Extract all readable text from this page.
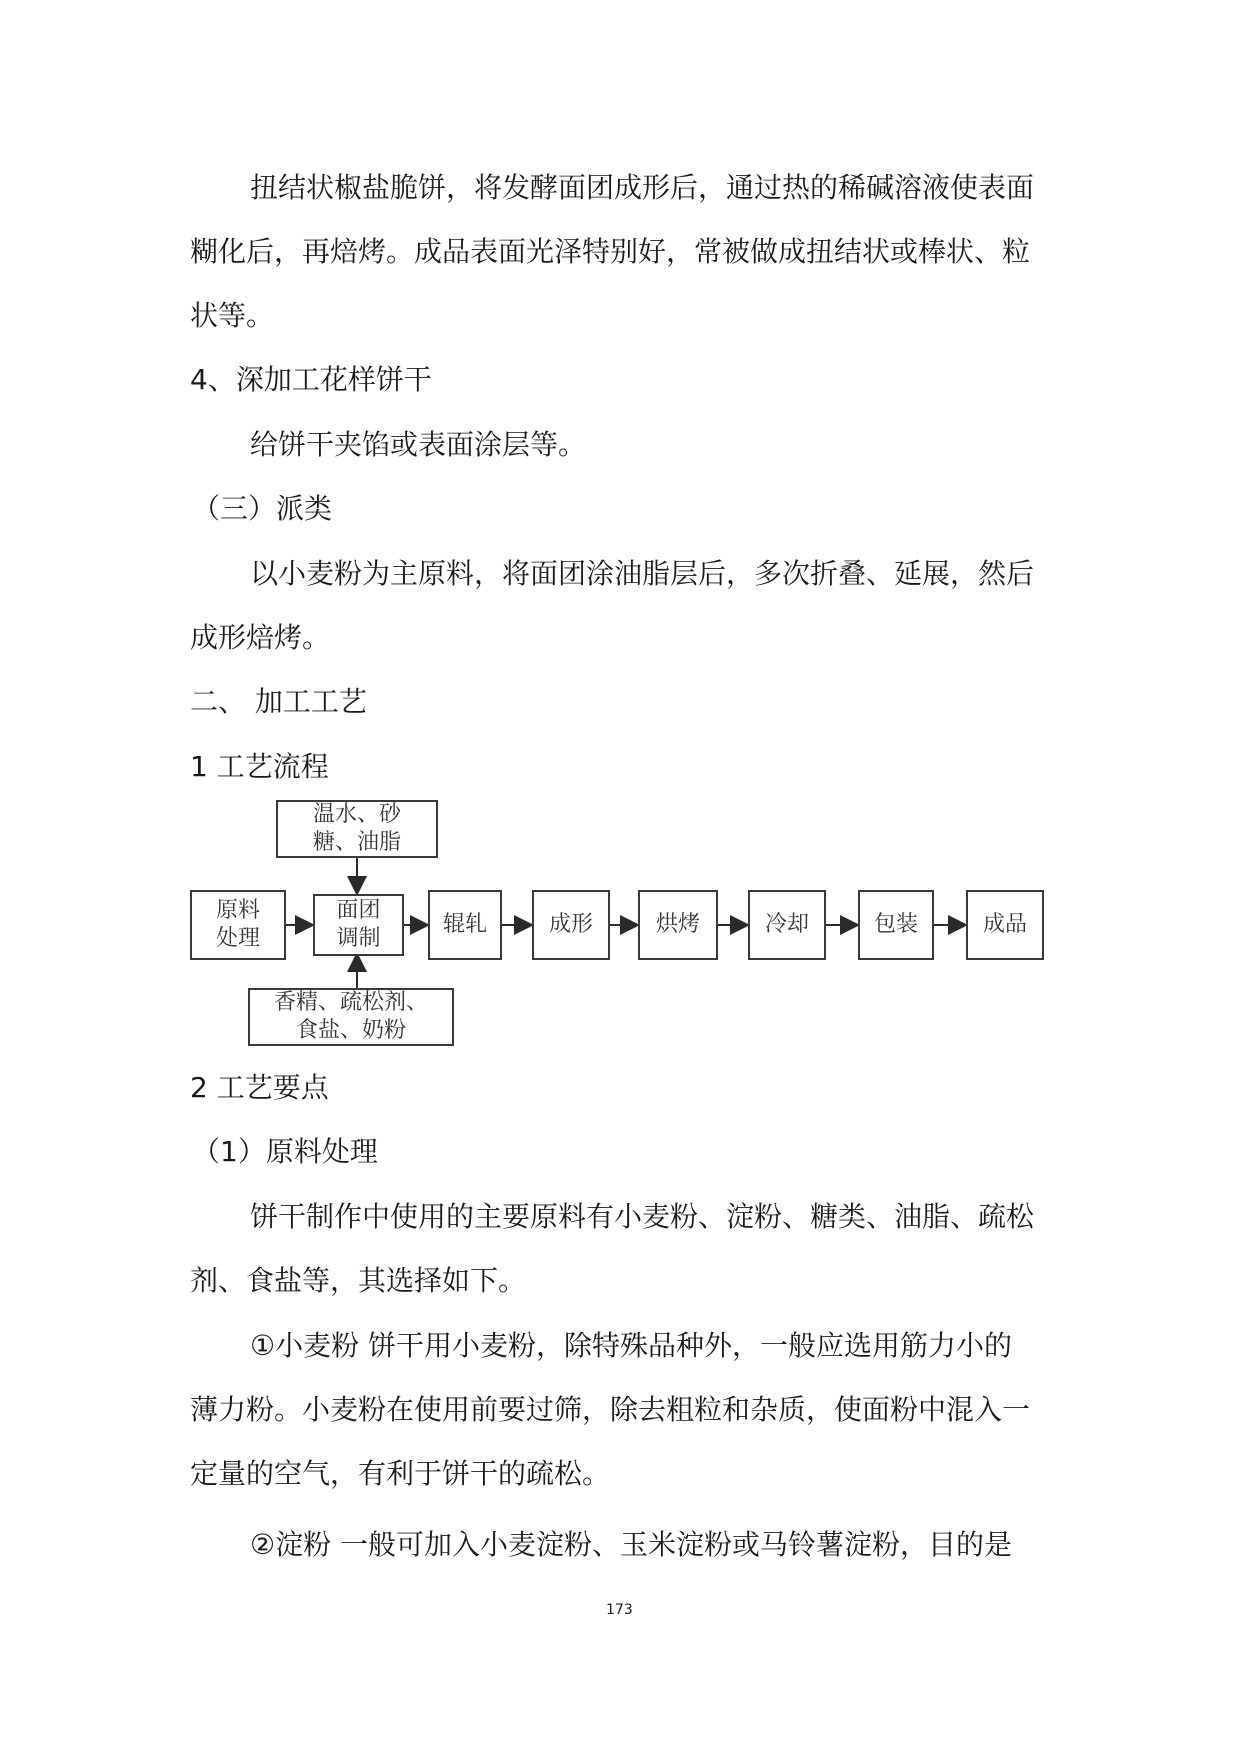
扭结状椒盐脆饼，将发酵面团成形后，通过热的稀碱溶液使表面
糊化后，再焙烤。成品表面光泽特别好，常被做成扭结状或棒状、粒
状等。
4、深加工花样饼干
给饼干夹馅或表面涂层等。
（三）派类
以小麦粉为主原料，将面团涂油脂层后，多次折叠、延展，然后
成形焙烤。
二、 加工工艺
1 工艺流程
温水、砂
糖、油脂
原料
处理
面团
调制
辊轧	成形	烘烤	冷却	包装	成品
香精、疏松剂、
食盐、奶粉
2 工艺要点
（1）原料处理
饼干制作中使用的主要原料有小麦粉、淀粉、糖类、油脂、疏松
剂、食盐等，其选择如下。
①小麦粉 饼干用小麦粉，除特殊品种外，一般应选用筋力小的
薄力粉。小麦粉在使用前要过筛，除去粗粒和杂质，使面粉中混入一
定量的空气，有利于饼干的疏松。
②淀粉 一般可加入小麦淀粉、玉米淀粉或马铃薯淀粉，目的是
173
